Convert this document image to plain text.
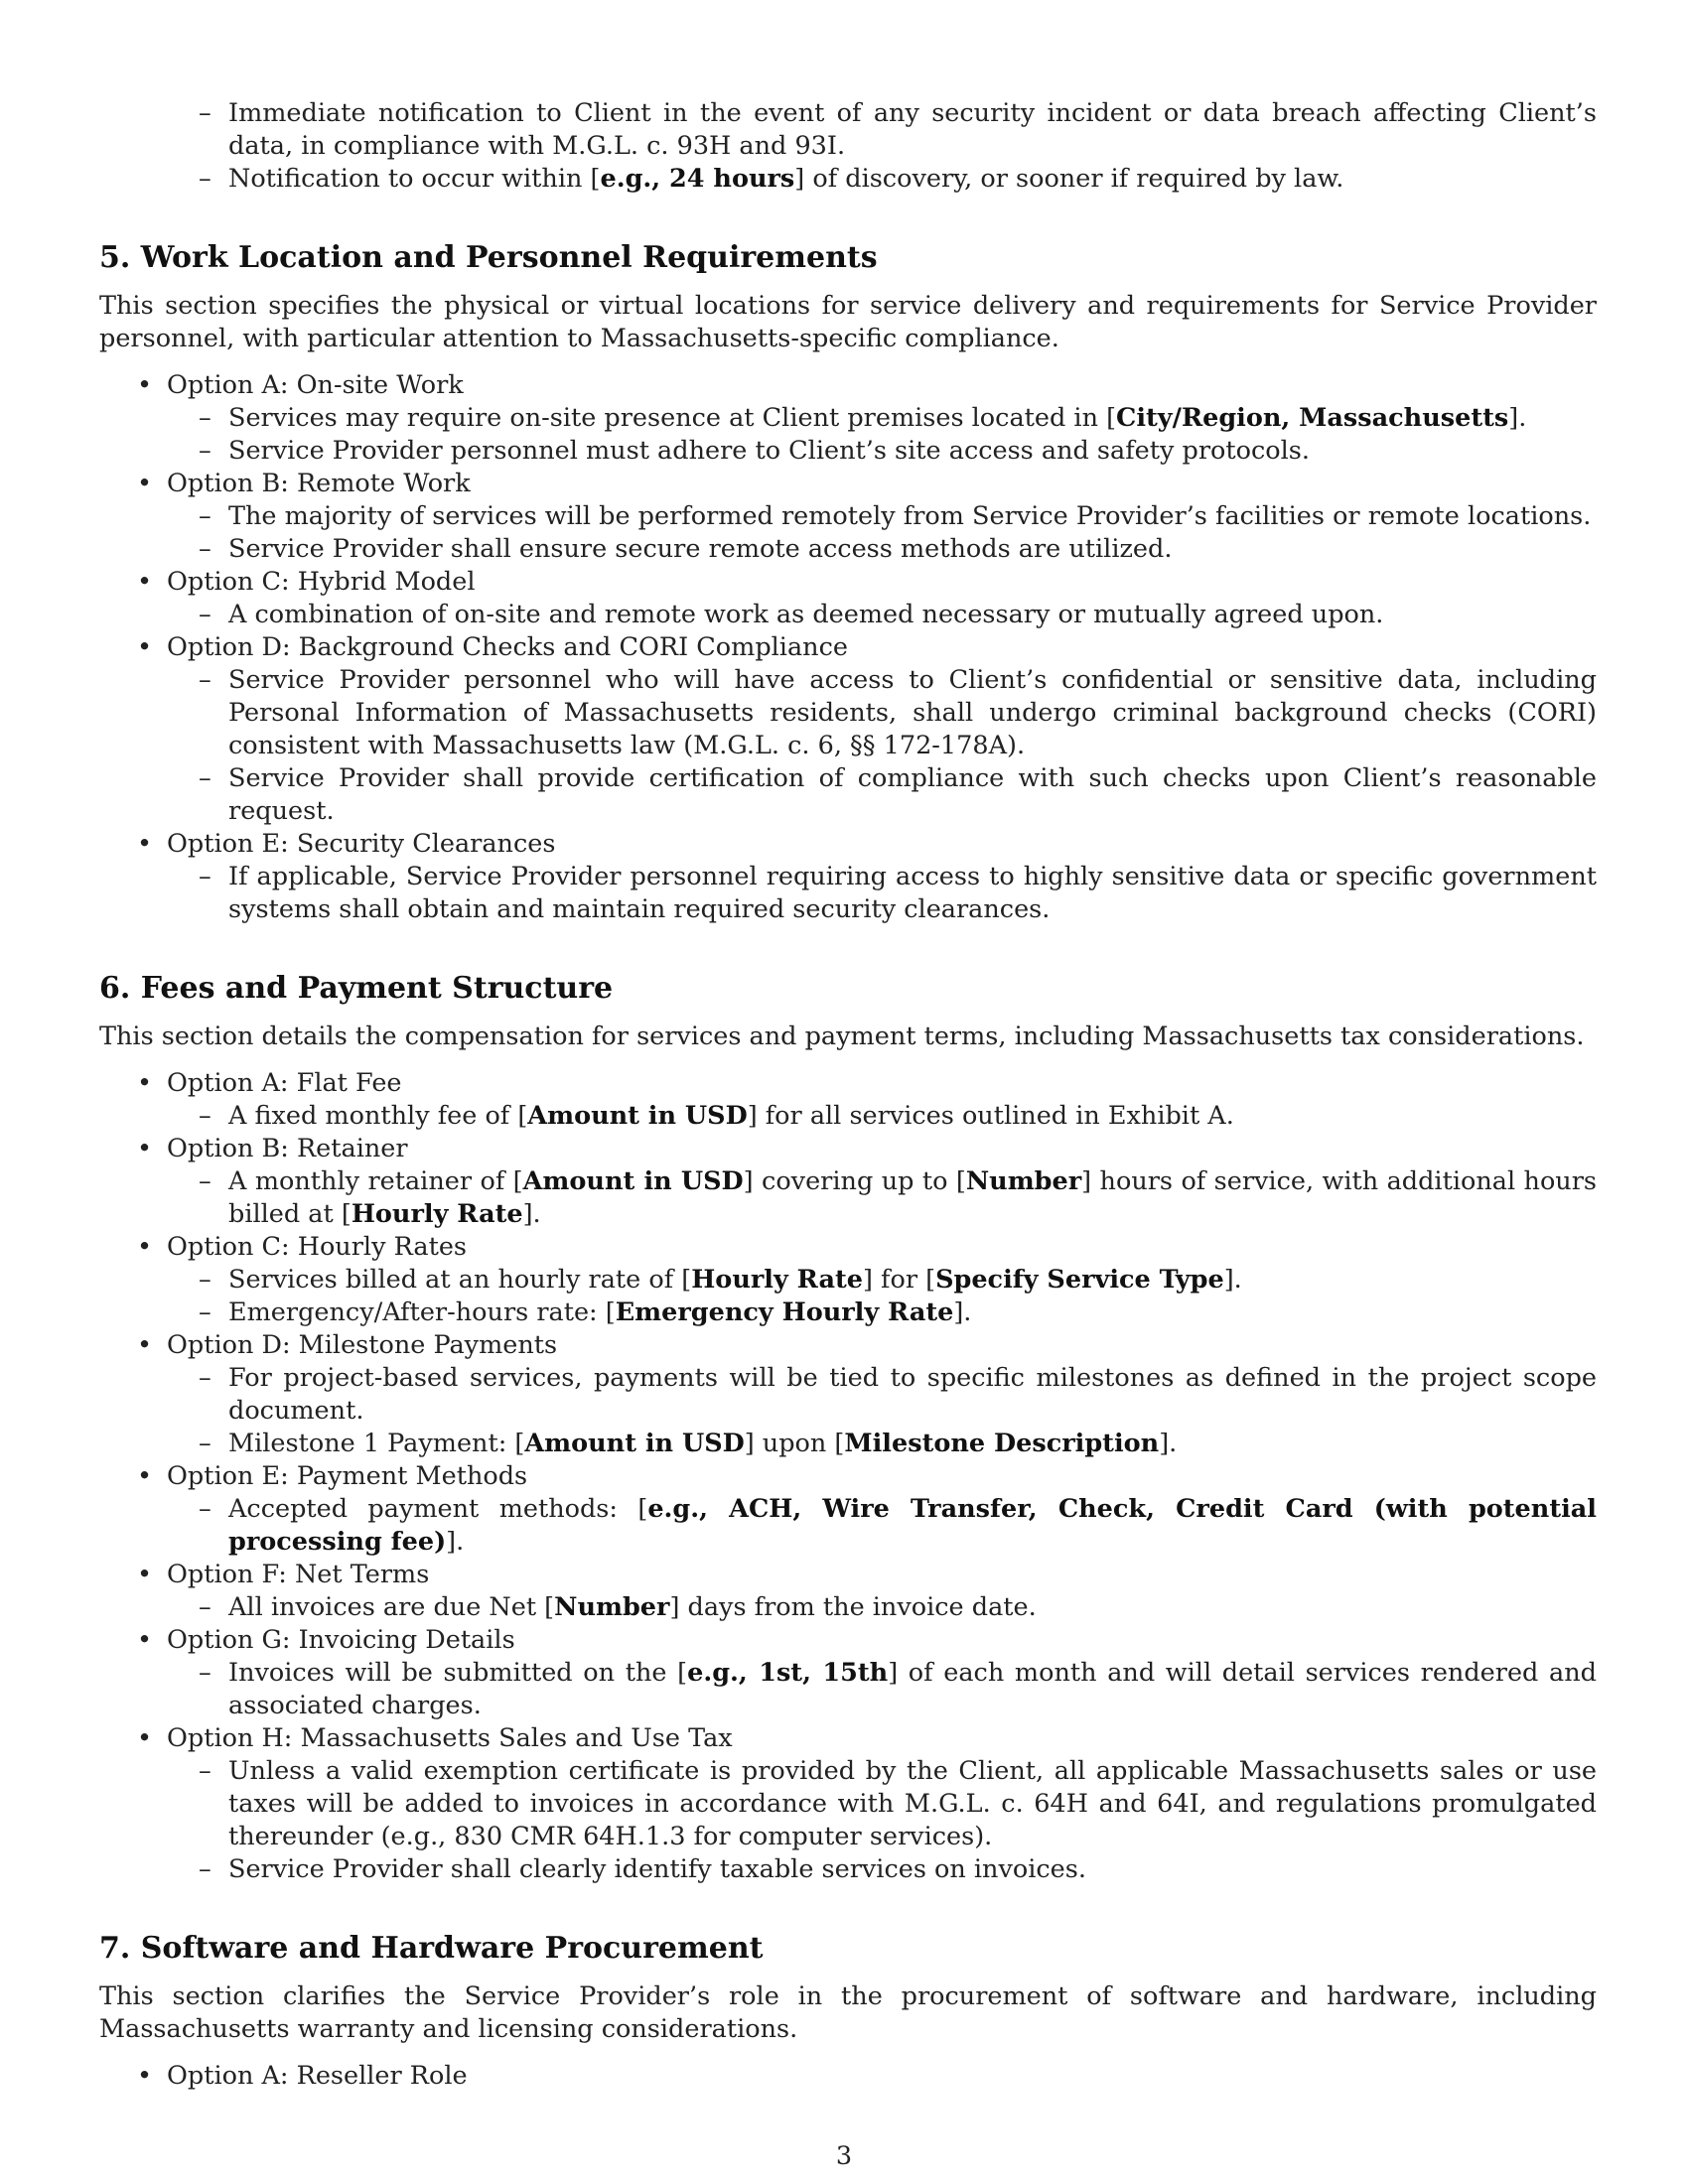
– Immediate notification to Client in the event of any security incident or data breach affecting Client’s data, in compliance with M.G.L. c. 93H and 93I.
– Notification to occur within [e.g., 24 hours] of discovery, or sooner if required by law.
5. Work Location and Personnel Requirements

This section specifies the physical or virtual locations for service delivery and requirements for Service Provider personnel, with particular attention to Massachusetts-specific compliance.

• Option A: On-site Work
– Services may require on-site presence at Client premises located in [City/Region, Massachusetts].
– Service Provider personnel must adhere to Client’s site access and safety protocols.
• Option B: Remote Work
– The majority of services will be performed remotely from Service Provider’s facilities or remote locations.
– Service Provider shall ensure secure remote access methods are utilized.
• Option C: Hybrid Model
– A combination of on-site and remote work as deemed necessary or mutually agreed upon.
• Option D: Background Checks and CORI Compliance
– Service Provider personnel who will have access to Client’s confidential or sensitive data, including Personal Information of Massachusetts residents, shall undergo criminal background checks (CORI) consistent with Massachusetts law (M.G.L. c. 6, §§ 172-178A).
– Service Provider shall provide certification of compliance with such checks upon Client’s reasonable request.
• Option E: Security Clearances
– If applicable, Service Provider personnel requiring access to highly sensitive data or specific government systems shall obtain and maintain required security clearances.
6. Fees and Payment Structure

This section details the compensation for services and payment terms, including Massachusetts tax considerations.

• Option A: Flat Fee
– A fixed monthly fee of [Amount in USD] for all services outlined in Exhibit A.
• Option B: Retainer
– A monthly retainer of [Amount in USD] covering up to [Number] hours of service, with additional hours billed at [Hourly Rate].
• Option C: Hourly Rates
– Services billed at an hourly rate of [Hourly Rate] for [Specify Service Type].
– Emergency/After-hours rate: [Emergency Hourly Rate].
• Option D: Milestone Payments
– For project-based services, payments will be tied to specific milestones as defined in the project scope document.
– Milestone 1 Payment: [Amount in USD] upon [Milestone Description].
• Option E: Payment Methods
– Accepted payment methods: [e.g., ACH, Wire Transfer, Check, Credit Card (with potential processing fee)].
• Option F: Net Terms
– All invoices are due Net [Number] days from the invoice date.
• Option G: Invoicing Details
– Invoices will be submitted on the [e.g., 1st, 15th] of each month and will detail services rendered and associated charges.
• Option H: Massachusetts Sales and Use Tax
– Unless a valid exemption certificate is provided by the Client, all applicable Massachusetts sales or use taxes will be added to invoices in accordance with M.G.L. c. 64H and 64I, and regulations promulgated thereunder (e.g., 830 CMR 64H.1.3 for computer services).
– Service Provider shall clearly identify taxable services on invoices.
7. Software and Hardware Procurement

This section clarifies the Service Provider’s role in the procurement of software and hardware, including Massachusetts warranty and licensing considerations.

• Option A: Reseller Role
3
